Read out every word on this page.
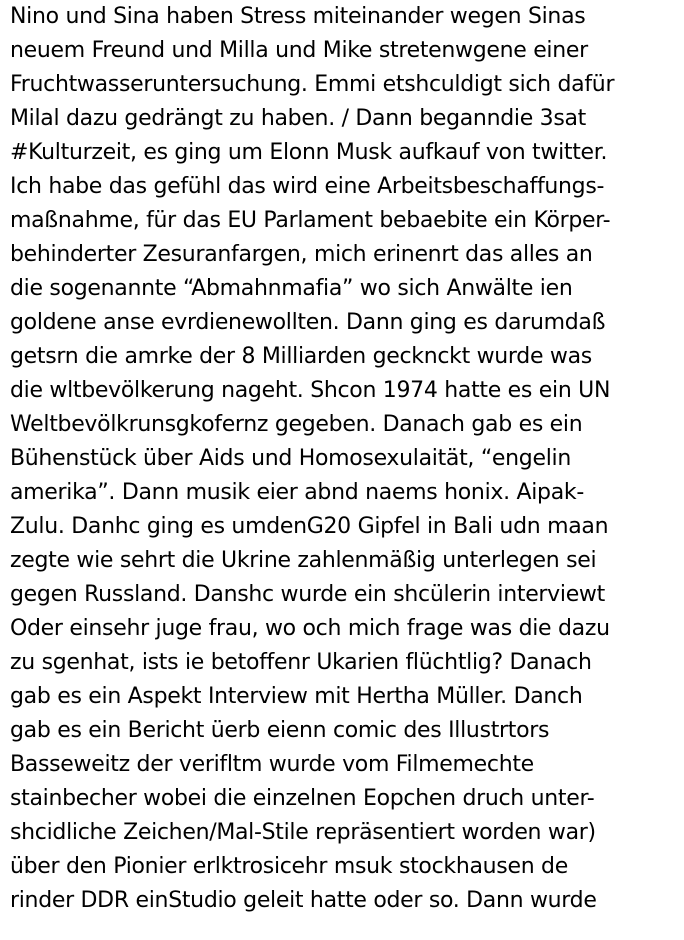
Nino und Sina haben Stress miteinander wegen Sinas
neuem Freund und Milla und Mike stretenwgene einer
Fruchtwasseruntersuchung. Emmi etshculdigt sich dafür
Milal dazu gedrängt zu haben. / Dann beganndie 3sat
#Kulturzeit, es ging um Elonn Musk aufkauf von twitter.
Ich habe das gefühl das wird eine Arbeitsbeschaffungs-
maßnahme, für das EU Parlament bebaebite ein Körper-
behinderter Zesuranfargen, mich erinenrt das alles an
die sogenannte “Abmahnmafia” wo sich Anwälte ien
goldene anse evrdienewollten. Dann ging es darumdaß
getsrn die amrke der 8 Milliarden gecknckt wurde was
die wltbevölkerung nageht. Shcon 1974 hatte es ein UN
Weltbevölkrunsgkofernz gegeben. Danach gab es ein
Bühenstück über Aids und Homosexulaität, “engelin
amerika”. Dann musik eier abnd naems honix. Aipak-
Zulu. Danhc ging es umdenG20 Gipfel in Bali udn maan
zegte wie sehrt die Ukrine zahlenmäßig unterlegen sei
gegen Russland. Danshc wurde ein shcülerin interviewt
Oder einsehr juge frau, wo och mich frage was die dazu
zu sgenhat, ists ie betoffenr Ukarien flüchtlig? Danach
gab es ein Aspekt Interview mit Hertha Müller. Danch
gab es ein Bericht üerb eienn comic des Illustrtors
Basseweitz der verifltm wurde vom Filmemechte
stainbecher wobei die einzelnen Eopchen druch unter-
shcidliche Zeichen/Mal-Stile repräsentiert worden war)
über den Pionier erlktrosicehr msuk stockhausen de
rinder DDR einStudio geleit hatte oder so. Dann wurde
